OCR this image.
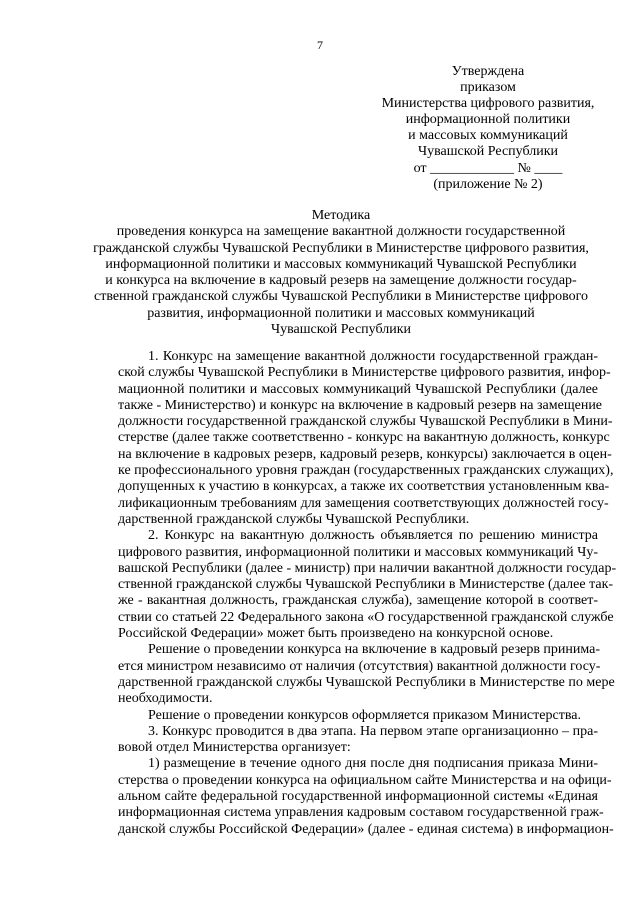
7
Утверждена
приказом
Министерства цифрового развития,
информационной политики
и массовых коммуникаций
Чувашской Республики
от ____________ № ____
(приложение № 2)
Методика
проведения конкурса на замещение вакантной должности государственной
гражданской службы Чувашской Республики в Министерстве цифрового развития,
информационной политики и массовых коммуникаций Чувашской Республики
и конкурса на включение в кадровый резерв на замещение должности государ-
ственной гражданской службы Чувашской Республики в Министерстве цифрового
развития, информационной политики и массовых коммуникаций
Чувашской Республики
1. Конкурс на замещение вакантной должности государственной граждан-
ской службы Чувашской Республики в Министерстве цифрового развития, инфор-
мационной политики и массовых коммуникаций Чувашской Республики (далее
также - Министерство) и конкурс на включение в кадровый резерв на замещение
должности государственной гражданской службы Чувашской Республики в Мини-
стерстве (далее также соответственно - конкурс на вакантную должность, конкурс
на включение в кадровых резерв, кадровый резерв, конкурсы) заключается в оцен-
ке профессионального уровня граждан (государственных гражданских служащих),
допущенных к участию в конкурсах, а также их соответствия установленным ква-
лификационным требованиям для замещения соответствующих должностей госу-
дарственной гражданской службы Чувашской Республики.
2. Конкурс на вакантную должность объявляется по решению министра
цифрового развития, информационной политики и массовых коммуникаций Чу-
вашской Республики (далее - министр) при наличии вакантной должности государ-
ственной гражданской службы Чувашской Республики в Министерстве (далее так-
же - вакантная должность, гражданская служба), замещение которой в соответ-
ствии со статьей 22 Федерального закона «О государственной гражданской службе
Российской Федерации» может быть произведено на конкурсной основе.
Решение о проведении конкурса на включение в кадровый резерв принима-
ется министром независимо от наличия (отсутствия) вакантной должности госу-
дарственной гражданской службы Чувашской Республики в Министерстве по мере
необходимости.
Решение о проведении конкурсов оформляется приказом Министерства.
3. Конкурс проводится в два этапа. На первом этапе организационно – пра-
вовой отдел Министерства организует:
1) размещение в течение одного дня после дня подписания приказа Мини-
стерства о проведении конкурса на официальном сайте Министерства и на офици-
альном сайте федеральной государственной информационной системы «Единая
информационная система управления кадровым составом государственной граж-
данской службы Российской Федерации» (далее - единая система) в информацион-
